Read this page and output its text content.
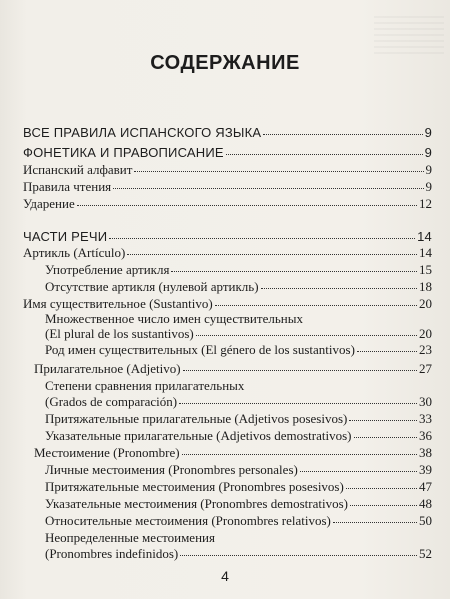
СОДЕРЖАНИЕ
ВСЕ ПРАВИЛА ИСПАНСКОГО ЯЗЫКА	9
ФОНЕТИКА И ПРАВОПИСАНИЕ	9
Испанский алфавит	9
Правила чтения	9
Ударение	12
ЧАСТИ РЕЧИ	14
Артикль (Artículo)	14
Употребление артикля	15
Отсутствие артикля (нулевой артикль)	18
Имя существительное (Sustantivo)	20
Множественное число имен существительных
(El plural de los sustantivos)	20
Род имен существительных (El género de los sustantivos)	23
Прилагательное (Adjetivo)	27
Степени сравнения прилагательных
(Grados de comparación)	30
Притяжательные прилагательные (Adjetivos posesivos)	33
Указательные прилагательные (Adjetivos demostrativos)	36
Местоимение (Pronombre)	38
Личные местоимения (Pronombres personales)	39
Притяжательные местоимения (Pronombres posesivos)	47
Указательные местоимения (Pronombres demostrativos)	48
Относительные местоимения (Pronombres relativos)	50
Неопределенные местоимения
(Pronombres indefinidos)	52
4
